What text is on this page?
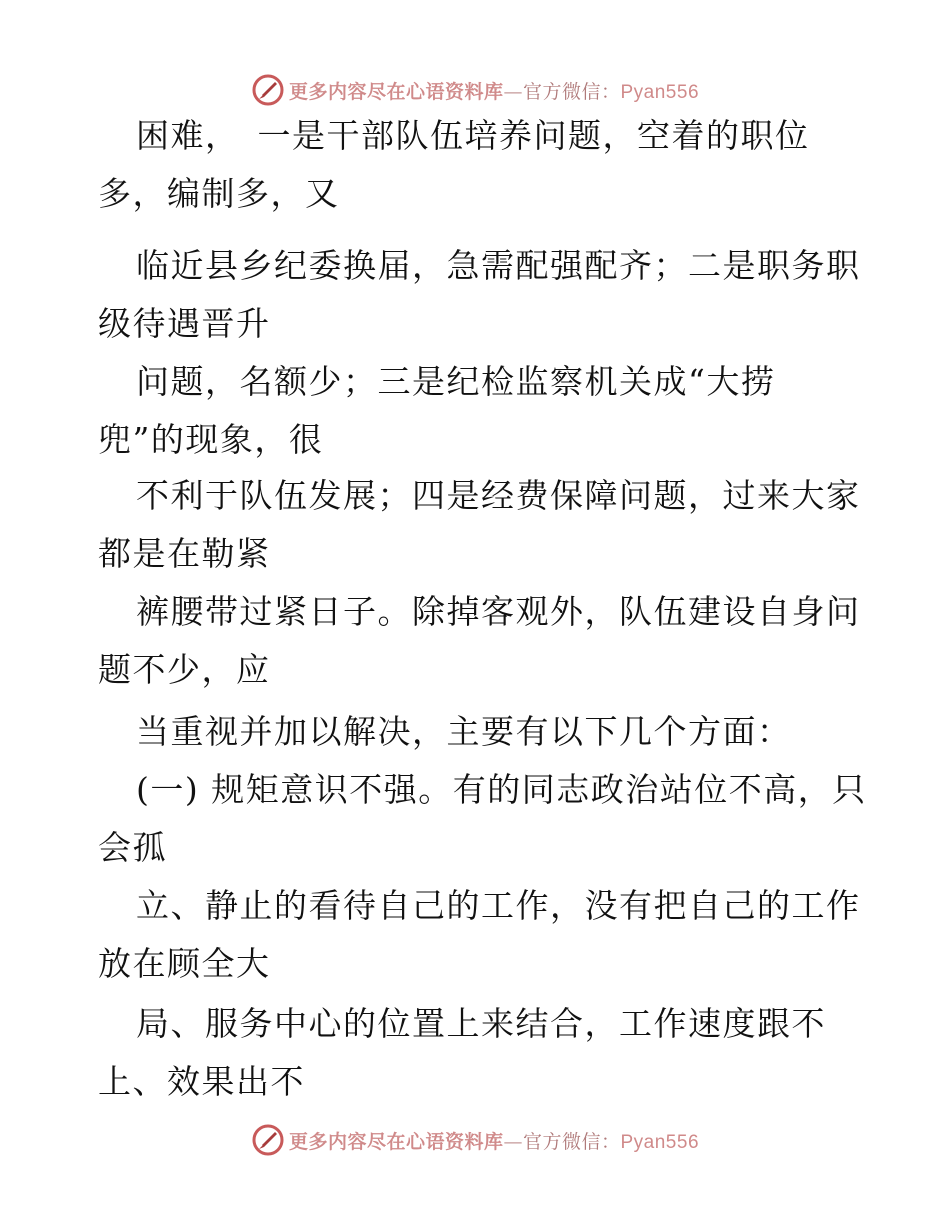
更多内容尽在心语资料库—官方微信：Pyan556
困难，　一是干部队伍培养问题，空着的职位
多，编制多，又
临近县乡纪委换届，急需配强配齐；二是职务职
级待遇晋升
问题，名额少；三是纪检监察机关成“大捞
兜”的现象，很
不利于队伍发展；四是经费保障问题，过来大家
都是在勒紧
裤腰带过紧日子。除掉客观外，队伍建设自身问
题不少，应
当重视并加以解决，主要有以下几个方面：
(一) 规矩意识不强。有的同志政治站位不高，只
会孤
立、静止的看待自己的工作，没有把自己的工作
放在顾全大
局、服务中心的位置上来结合，工作速度跟不
上、效果出不
更多内容尽在心语资料库—官方微信：Pyan556
